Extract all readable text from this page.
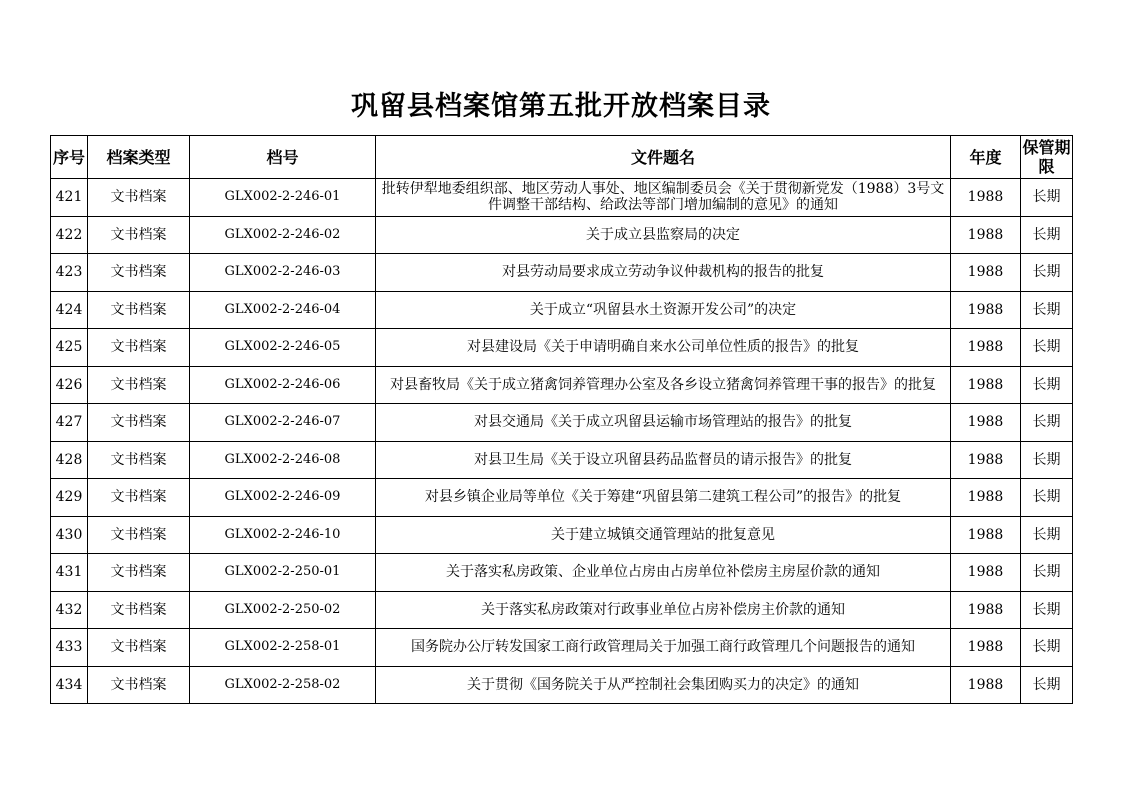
巩留县档案馆第五批开放档案目录
序号	档案类型	档号	文件题名	年度	保管期限
421	文书档案	GLX002-2-246-01	批转伊犁地委组织部、地区劳动人事处、地区编制委员会《关于贯彻新党发（1988）3号文件调整干部结构、给政法等部门增加编制的意见》的通知	1988	长期
422	文书档案	GLX002-2-246-02	关于成立县监察局的决定	1988	长期
423	文书档案	GLX002-2-246-03	对县劳动局要求成立劳动争议仲裁机构的报告的批复	1988	长期
424	文书档案	GLX002-2-246-04	关于成立“巩留县水土资源开发公司”的决定	1988	长期
425	文书档案	GLX002-2-246-05	对县建设局《关于申请明确自来水公司单位性质的报告》的批复	1988	长期
426	文书档案	GLX002-2-246-06	对县畜牧局《关于成立猪禽饲养管理办公室及各乡设立猪禽饲养管理干事的报告》的批复	1988	长期
427	文书档案	GLX002-2-246-07	对县交通局《关于成立巩留县运输市场管理站的报告》的批复	1988	长期
428	文书档案	GLX002-2-246-08	对县卫生局《关于设立巩留县药品监督员的请示报告》的批复	1988	长期
429	文书档案	GLX002-2-246-09	对县乡镇企业局等单位《关于筹建“巩留县第二建筑工程公司”的报告》的批复	1988	长期
430	文书档案	GLX002-2-246-10	关于建立城镇交通管理站的批复意见	1988	长期
431	文书档案	GLX002-2-250-01	关于落实私房政策、企业单位占房由占房单位补偿房主房屋价款的通知	1988	长期
432	文书档案	GLX002-2-250-02	关于落实私房政策对行政事业单位占房补偿房主价款的通知	1988	长期
433	文书档案	GLX002-2-258-01	国务院办公厅转发国家工商行政管理局关于加强工商行政管理几个问题报告的通知	1988	长期
434	文书档案	GLX002-2-258-02	关于贯彻《国务院关于从严控制社会集团购买力的决定》的通知	1988	长期
